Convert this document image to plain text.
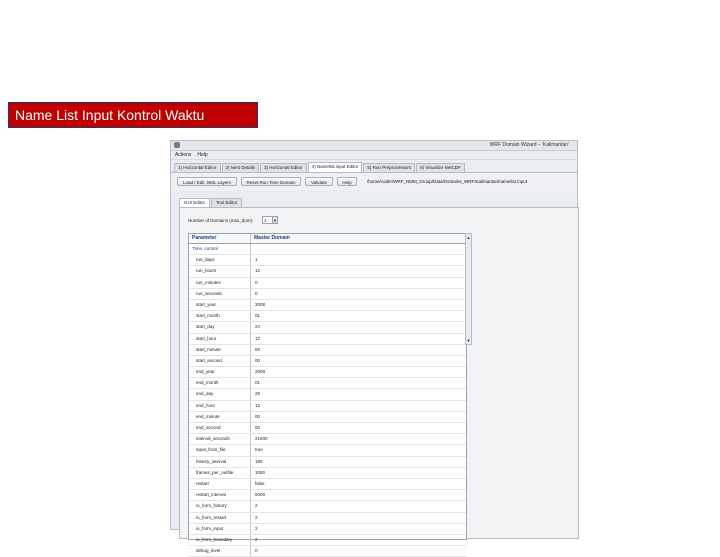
Name List Input Kontrol Waktu
WRF Domain Wizard – 'Kalimantan'
Actions Help
1) Horizontal Editor	2) Nest Details	3) Horizontal Editor	4) Namelist.input Editor	5) Run Preprocessors	6) Visualize NetCDF
/home/coder/WRF_NMM_Group/Data/Domains_WRF/Kalimantan/namelist.input
Load / Edit .NML Layers	Reset Run Time Domain	Validate	Help
GUI Editor	Text Editor
Number of Domains (max_dom):	1	▼
Parameter	Master Domain
Time_control
run_days	1
run_hours	12
run_minutes	0
run_seconds	0
start_year	2008
start_month	01
start_day	24
start_hour	12
start_minute	00
start_second	00
end_year	2008
end_month	01
end_day	25
end_hour	12
end_minute	00
end_second	00
interval_seconds	21600
input_from_file	true
history_interval	180
frames_per_outfile	1000
restart	false
restart_interval	5000
io_form_history	2
io_form_restart	2
io_form_input	2
io_form_boundary	2
debug_level	0
▲
▼
